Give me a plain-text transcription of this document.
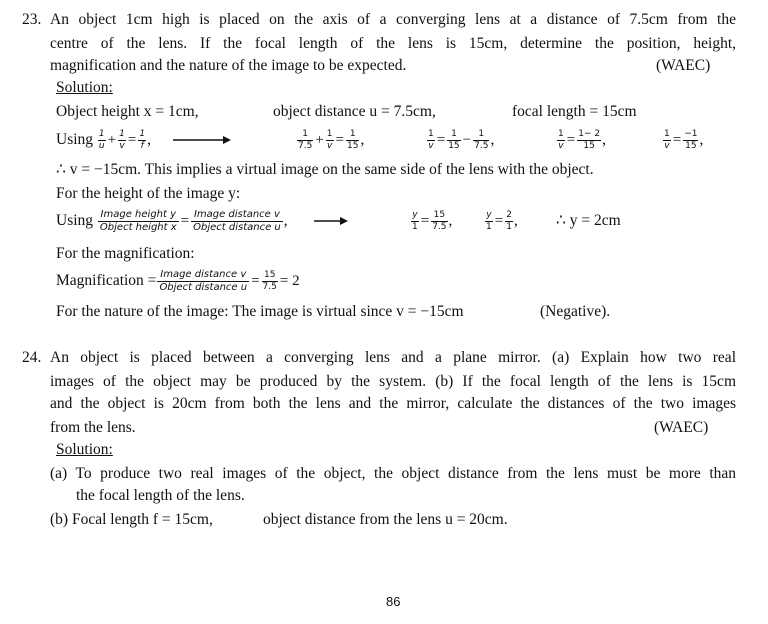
23. An object 1cm high is placed on the axis of a converging lens at a distance of 7.5cm from the
centre of the lens. If the focal length of the lens is 15cm, determine the position, height,
magnification and the nature of the image to be expected.	(WAEC)
Solution:
Object height x = 1cm,	object distance u = 7.5cm,	focal length = 15cm
Using $\frac{1}{u} + \frac{1}{v} = \frac{1}{f}$ ,	$\frac{1}{7.5} + \frac{1}{v} = \frac{1}{15}$ ,	$\frac{1}{v} = \frac{1}{15} - \frac{1}{7.5}$ ,	$\frac{1}{v} = \frac{1- 2}{15}$ ,	$\frac{1}{v} = \frac{-1}{15}$ ,
∴ v = −15cm. This implies a virtual image on the same side of the lens with the object.
For the height of the image y:
Using $\frac{\text{Image height y}}{\text{Object height x}} = \frac{\text{Image distance v}}{\text{Object distance u}}$ ,	$\frac{y}{1} = \frac{15}{7.5}$ ,	$\frac{y}{1} = \frac{2}{1}$ , ∴ y = 2cm
For the magnification:
Magnification = $\frac{\text{Image distance v}}{\text{Object distance u}} = \frac{15}{7.5} = 2$
For the nature of the image: The image is virtual since v = −15cm	(Negative).
24. An object is placed between a converging lens and a plane mirror. (a) Explain how two real
images of the object may be produced by the system. (b) If the focal length of the lens is 15cm
and the object is 20cm from both the lens and the mirror, calculate the distances of the two images
from the lens.	(WAEC)
Solution:
(a) To produce two real images of the object, the object distance from the lens must be more than
the focal length of the lens.
(b) Focal length f = 15cm,	object distance from the lens u = 20cm.
86
